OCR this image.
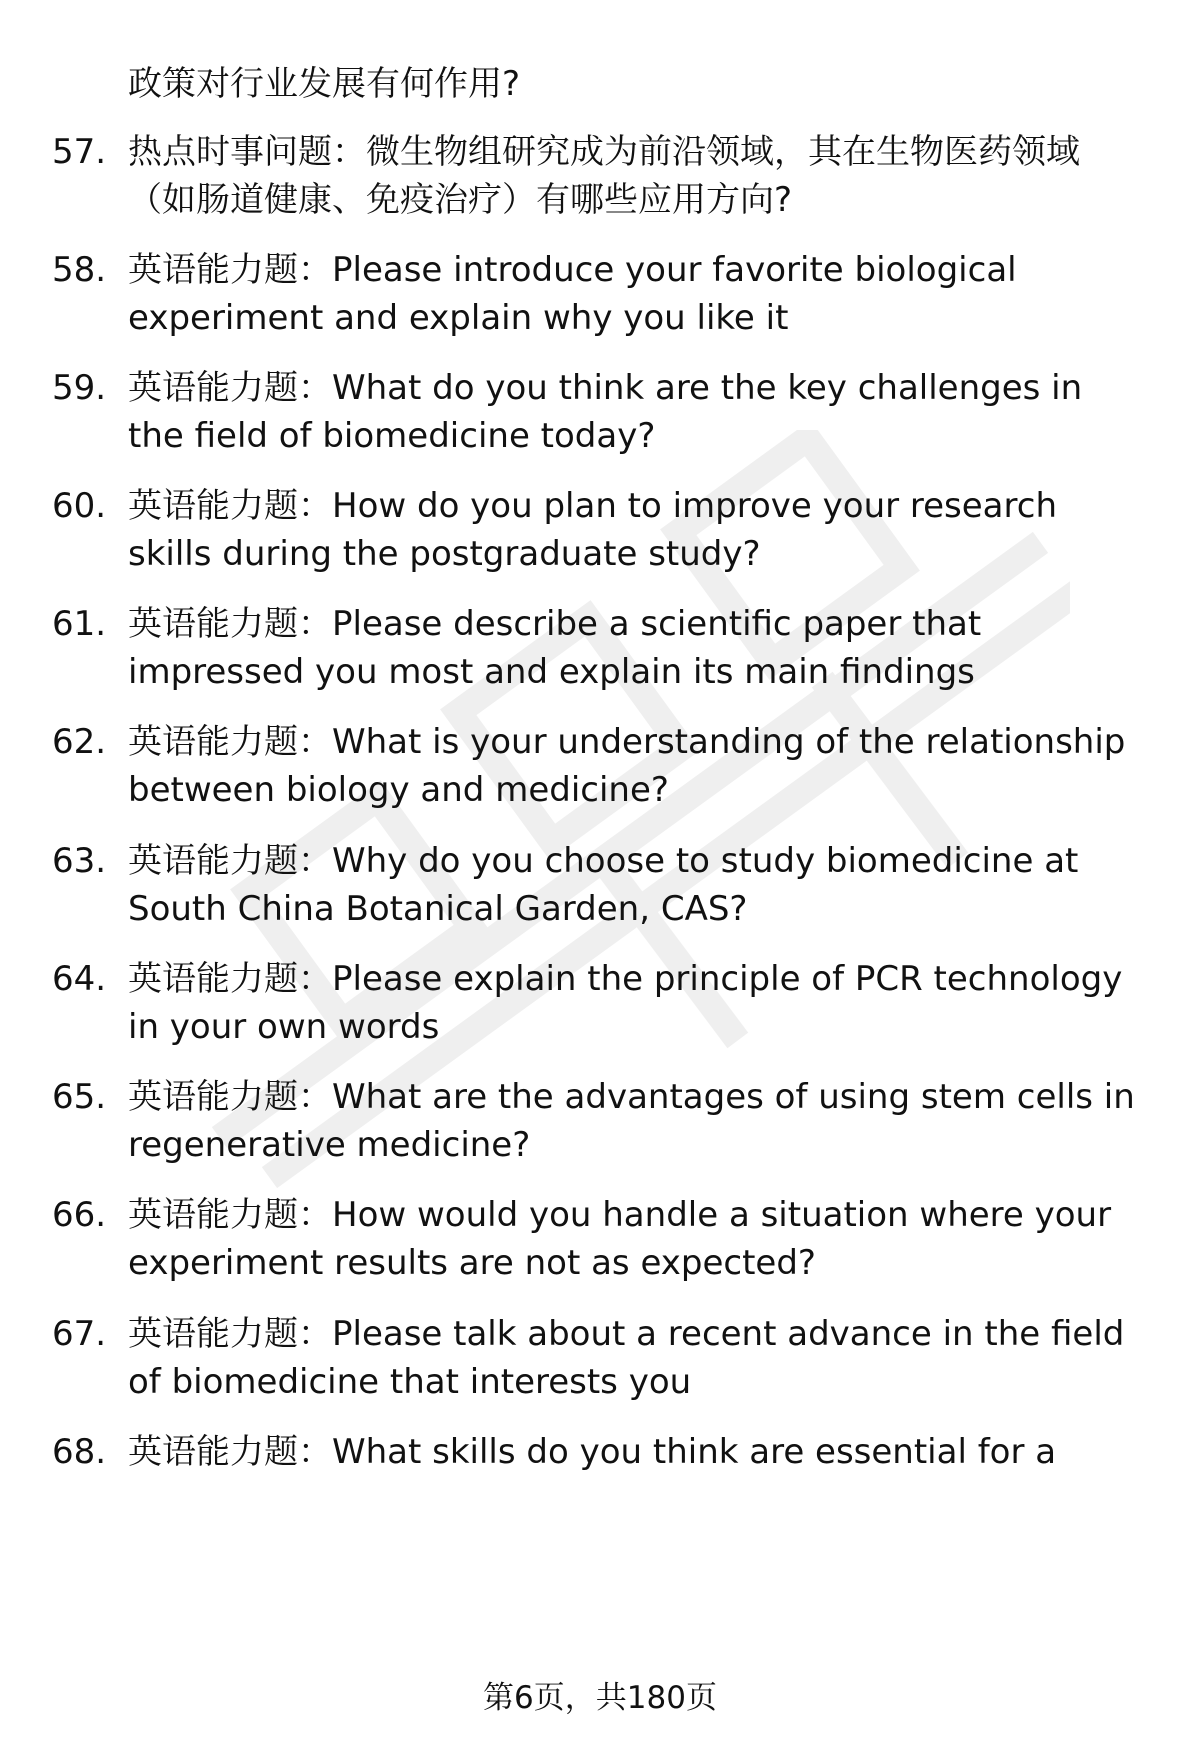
政策对行业发展有何作用?
57. 热点时事问题：微生物组研究成为前沿领域，其在生物医药领域
（如肠道健康、免疫治疗）有哪些应用方向?
58. 英语能力题：Please introduce your favorite biological
experiment and explain why you like it
59. 英语能力题：What do you think are the key challenges in
the field of biomedicine today?
60. 英语能力题：How do you plan to improve your research
skills during the postgraduate study?
61. 英语能力题：Please describe a scientific paper that
impressed you most and explain its main findings
62. 英语能力题：What is your understanding of the relationship
between biology and medicine?
63. 英语能力题：Why do you choose to study biomedicine at
South China Botanical Garden, CAS?
64. 英语能力题：Please explain the principle of PCR technology
in your own words
65. 英语能力题：What are the advantages of using stem cells in
regenerative medicine?
66. 英语能力题：How would you handle a situation where your
experiment results are not as expected?
67. 英语能力题：Please talk about a recent advance in the field
of biomedicine that interests you
68. 英语能力题：What skills do you think are essential for a
第6页，共180页
